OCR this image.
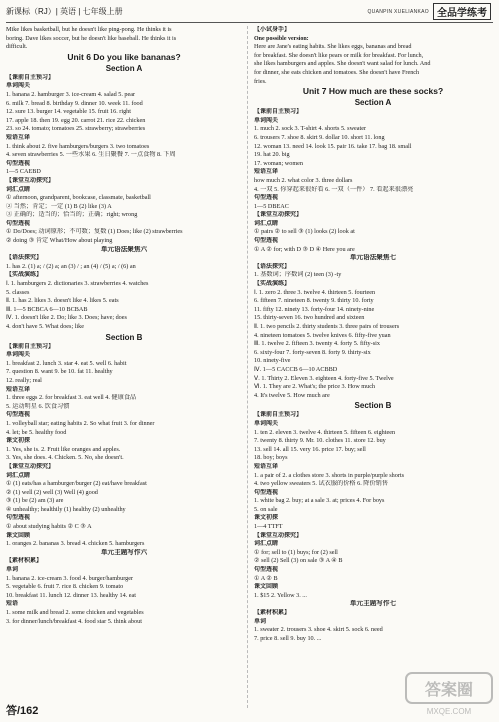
新课标（RJ）| 英语 | 七年级上册	QUANPIN XUELIANKAO 全品学练考
Mike likes basketball, but he doesn't like ping-pong. He thinks it is
boring. Dave likes soccer, but he doesn't like baseball. He thinks it is
difficult.
Unit 6 Do you like bananas?
Section A
【课前自主预习】
单词闯关
1. banana 2. hamburger 3. ice-cream 4. salad 5. pear
6. milk 7. bread 8. birthday 9. dinner 10. week 11. food
12. sure 13. burger 14. vegetable 15. fruit 16. right
17. apple 18. then 19. egg 20. carrot 21. rice 22. chicken
23. so 24. tomato; tomatoes 25. strawberry; strawberries
短语互译
1. think about 2. five hamburgers/burgers 3. two tomatoes
4. seven strawberries 5. 一些水果 6. 生日聚餐 7. 一点食物 8. 下周
句型透视
1—5 CAEBD
【课堂互动探究】
词汇点睛
① afternoon, grandparent, bookcase, classmate, basketball
② 当然；肯定；一定 (1) B (2) like (3) A
③ 正确的；适当的；恰当的；正确；right; wrong
句型透视
① Do/Does; 动词原形；不可数；复数 (1) Does; like (2) strawberries
② doing ③ 肯定 What/How about playing
单元语法聚焦六
【语法探究】
1. has 2. (1) a; / (2) a; an (3) / ; an (4) / (5) a; / (6) an
【实战演练】
Ⅰ. 1. hamburgers 2. dictionaries 3. strawberries 4. watches
5. classes
Ⅱ. 1. has 2. likes 3. doesn't like 4. likes 5. eats
Ⅲ. 1—5 BCBCA 6—10 BCBAB
Ⅳ. 1. doesn't like 2. Do; like 3. Does; have; does
4. don't have 5. What does; like
Section B
【课前自主预习】
单词闯关
1. breakfast 2. lunch 3. star 4. eat 5. well 6. habit
7. question 8. want 9. be 10. fat 11. healthy
12. really; real
短语互译
1. three eggs 2. for breakfast 3. eat well 4. 健康食品
5. 运动明星 6. 饮食习惯
句型透视
1. volleyball star; eating habits 2. So what fruit 3. for dinner
4. let; be 5. healthy food
课文初探
1. Yes, she is. 2. Fruit like oranges and apples.
3. Yes, she does. 4. Chicken. 5. No, she doesn't.
【课堂互动探究】
词汇点睛
① (1) eats/has a hamburger/burger (2) eat/have breakfast
② (1) well (2) well (3) Well (4) good
③ (1) be (2) am (3) are
④ unhealthy; healthily (1) healthy (2) unhealthy
句型透视
① about studying habits ② C ③ A
课文回顾
1. oranges 2. bananas 3. bread 4. chicken 5. hamburgers
单元主题写作六
【素材积累】
单词
1. banana 2. ice-cream 3. food 4. burger/hamburger
5. vegetable 6. fruit 7. rice 8. chicken 9. tomato
10. breakfast 11. lunch 12. dinner 13. healthy 14. eat
短语
1. some milk and bread 2. some chicken and vegetables
3. for dinner/lunch/breakfast 4. food star 5. think about
【小试身手】
One possible version:
Here are Jane's eating habits. She likes eggs, bananas and bread
for breakfast. She doesn't like pears or milk for breakfast. For lunch,
she likes hamburgers and apples. She doesn't want salad for lunch. And
for dinner, she eats chicken and tomatoes. She doesn't have French
fries.
Unit 7 How much are these socks?
Section A
【课前自主预习】
单词闯关
1. much 2. sock 3. T-shirt 4. shorts 5. sweater
6. trousers 7. shoe 8. skirt 9. dollar 10. short 11. long
12. woman 13. need 14. look 15. pair 16. take 17. bag 18. small
19. hat 20. big
17. woman; women
短语互译
how much 2. what color 3. three dollars
4. 一双 5. 你穿起来很好看 6. 一双（一件） 7. 看起来很漂亮
句型透视
1—5 DBEAC
【课堂互动探究】
词汇点睛
① pairs ② to sell ③ (1) looks (2) look at
句型透视
① A ② for; with D ③ D ④ Here you are
单元语法聚焦七
【语法探究】
1. 基数词；序数词 (2) teen (3) -ty
【实战演练】
Ⅰ. 1. zero 2. three 3. twelve 4. thirteen 5. fourteen
6. fifteen 7. nineteen 8. twenty 9. thirty 10. forty
11. fifty 12. ninety 13. forty-four 14. ninety-nine
15. thirty-seven 16. two hundred and sixteen
Ⅱ. 1. two pencils 2. thirty students 3. three pairs of trousers
4. nineteen tomatoes 5. twelve knives 6. fifty-five yuan
Ⅲ. 1. twelve 2. fifteen 3. twenty 4. forty 5. fifty-six
6. sixty-four 7. forty-seven 8. forty 9. thirty-six
10. ninety-five
Ⅳ. 1—5 CACCB 6—10 ACBBD
Ⅴ. 1. Thirty 2. Eleven 3. eighteen 4. forty-five 5. Twelve
Ⅵ. 1. They are 2. What's; the price 3. How much
4. It's twelve 5. How much are
Section B
【课前自主预习】
单词闯关
1. ten 2. eleven 3. twelve 4. thirteen 5. fifteen 6. eighteen
7. twenty 8. thirty 9. Mr. 10. clothes 11. store 12. buy
13. sell 14. all 15. very 16. price 17. buy; sell
18. boy; boys
短语互译
1. a pair of 2. a clothes store 3. shorts in purple/purple shorts
4. two yellow sweaters 5. 试衣服的价格 6. 降价销售
句型透视
1. white bag 2. buy; at a sale 3. at; prices 4. For boys
5. on sale
课文初探
1—4 TTFT
【课堂互动探究】
词汇点睛
① for; sell to (1) buys; for (2) sell
② sell (2) Sell (3) on sale ③ A ④ B
句型透视
① A ② B
课文回顾
1. $15 2. Yellow 3. ...
单元主题写作七
【素材积累】
单词
1. sweater 2. trousers 3. shoe 4. skirt 5. sock 6. need
7. price 8. sell 9. buy 10. ...
答/162
答案圈
MXQE.COM
